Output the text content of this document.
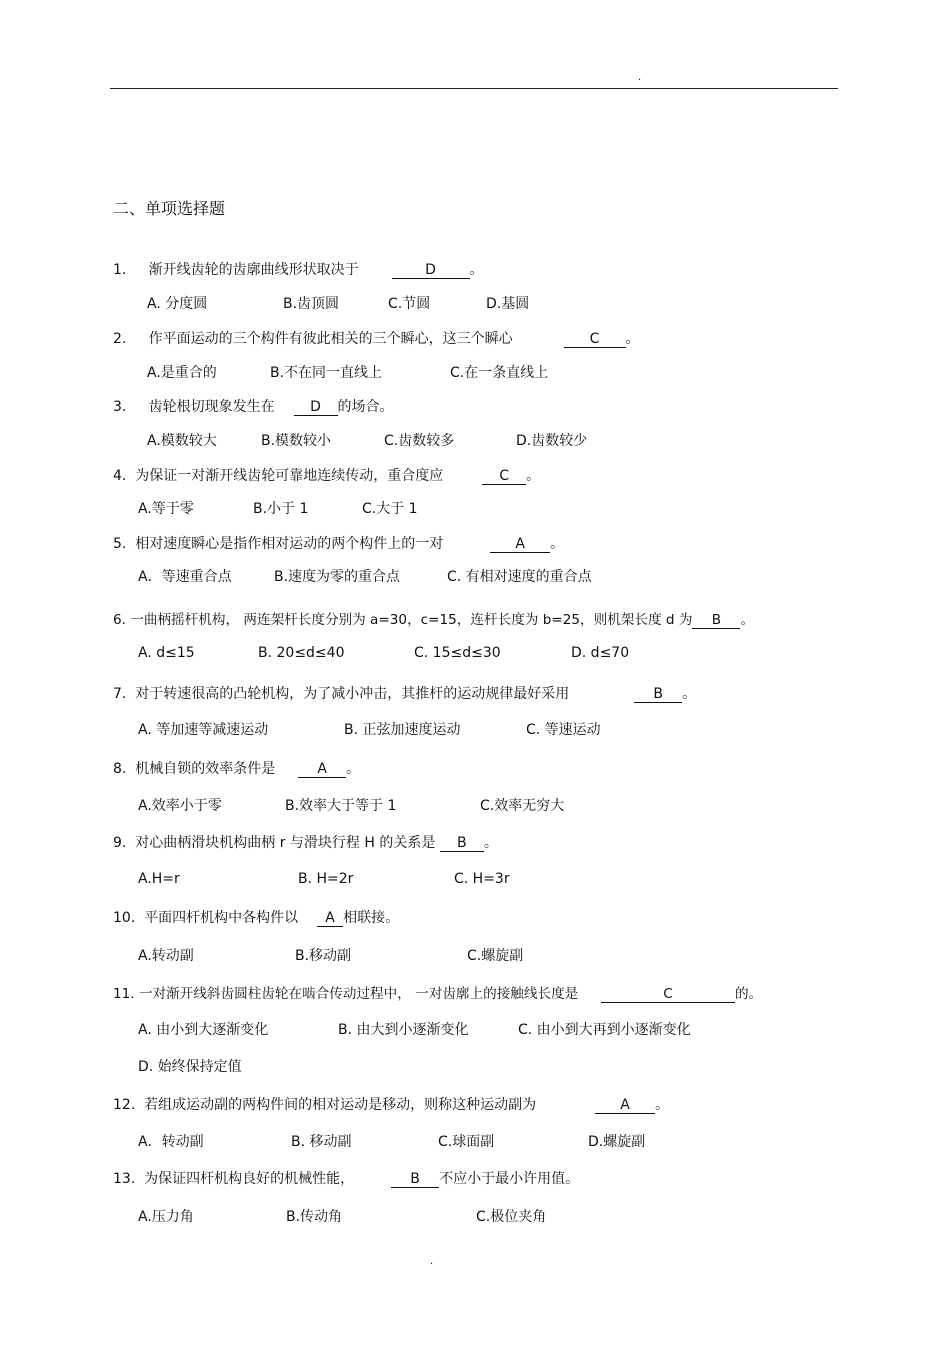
.
二、单项选择题
1. 渐开线齿轮的齿廓曲线形状取决于	D 。
A. 分度圆	B.齿顶圆	C.节圆	D.基圆
2. 作平面运动的三个构件有彼此相关的三个瞬心，这三个瞬心	C 。
A.是重合的	B.不在同一直线上	C.在一条直线上
3. 齿轮根切现象发生在	D 的场合。
A.模数较大	B.模数较小	C.齿数较多	D.齿数较少
4. 为保证一对渐开线齿轮可靠地连续传动，重合度应	C 。
A.等于零	B.小于 1	C.大于 1
5. 相对速度瞬心是指作相对运动的两个构件上的一对	A 。
A．等速重合点	B.速度为零的重合点	C. 有相对速度的重合点
6. 一曲柄摇杆机构， 两连架杆长度分别为 a=30，c=15，连杆长度为 b=25，则机架长度 d 为 B 。
A. d≤15	B. 20≤d≤40	C. 15≤d≤30	D. d≤70
7. 对于转速很高的凸轮机构，为了减小冲击，其推杆的运动规律最好采用	B 。
A. 等加速等减速运动	B. 正弦加速度运动	C. 等速运动
8. 机械自锁的效率条件是	A 。
A.效率小于零	B.效率大于等于 1	C.效率无穷大
9. 对心曲柄滑块机构曲柄 r 与滑块行程 H 的关系是 B 。
A.H=r	B. H=2r	C. H=3r
10. 平面四杆机构中各构件以 A 相联接。
A.转动副	B.移动副	C.螺旋副
11. 一对渐开线斜齿圆柱齿轮在啮合传动过程中， 一对齿廓上的接触线长度是	C	的。
A. 由小到大逐渐变化	B. 由大到小逐渐变化	C. 由小到大再到小逐渐变化
D. 始终保持定值
12. 若组成运动副的两构件间的相对运动是移动，则称这种运动副为	A 。
A．转动副	B. 移动副	C.球面副	D.螺旋副
13. 为保证四杆机构良好的机械性能，	B 不应小于最小许用值。
A.压力角	B.传动角	C.极位夹角
.
